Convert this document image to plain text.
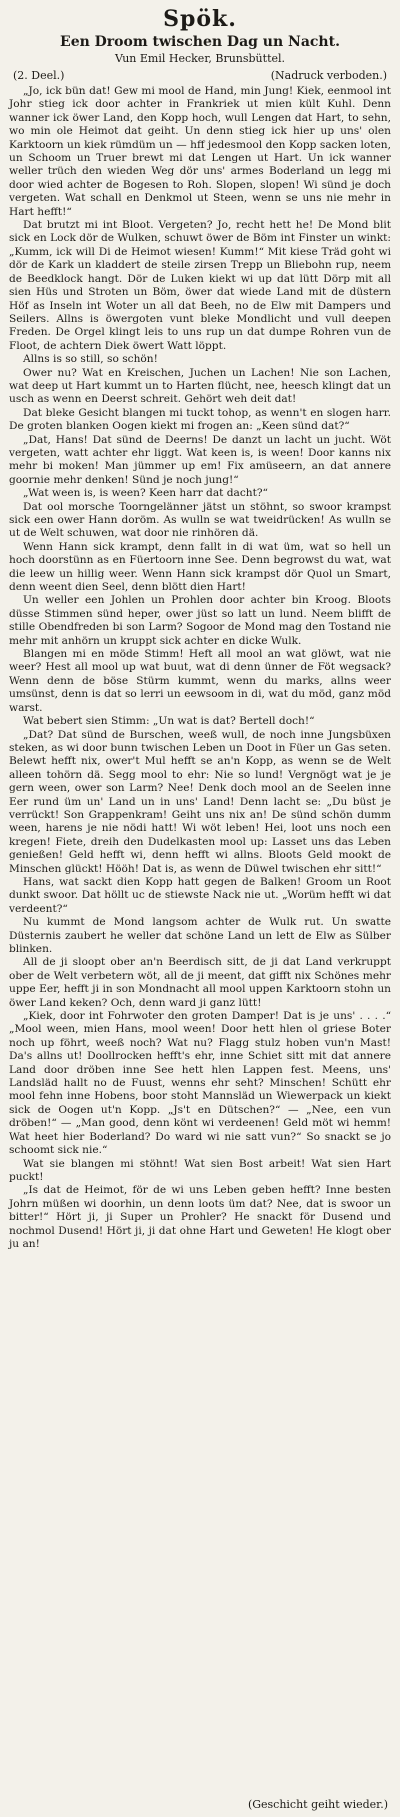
Spök.
Een Droom twischen Dag un Nacht.
Vun Emil Hecker, Brunsbüttel.
(2. Deel.)	(Nadruck verboden.)

„Jo, ick bün dat! Gew mi mool de Hand, min Jung! Kiek, eenmool int Johr stieg ick door achter in Frankriek ut mien kült Kuhl. Denn wanner ick öwer Land, den Kopp hoch, wull Lengen dat Hart, to sehn, wo min ole Heimot dat geiht. Un denn stieg ick hier up uns' olen Karktoorn un kiek rümdüm un — hff jedesmool den Kopp sacken loten, un Schoom un Truer brewt mi dat Lengen ut Hart. Un ick wanner weller trüch den wieden Weg dör uns' armes Boderland un legg mi door wied achter de Bogesen to Roh. Slopen, slopen! Wi sünd je doch vergeten. Wat schall en Denkmol ut Steen, wenn se uns nie mehr in Hart hefft!“

Dat brutzt mi int Bloot. Vergeten? Jo, recht hett he! De Mond blit sick en Lock dör de Wulken, schuwt öwer de Böm int Finster un winkt: „Kumm, ick will Di de Heimot wiesen! Kumm!“ Mit kiese Träd goht wi dör de Kark un kladdert de steile zirsen Trepp un Bliebohn rup, neem de Beedklock hangt. Dör de Luken kiekt wi up dat lütt Dörp mit all sien Hüs und Stroten un Böm, öwer dat wiede Land mit de düstern Höf as Inseln int Woter un all dat Beeh, no de Elw mit Dampers und Seilers. Allns is öwergoten vunt bleke Mondlicht und vull deepen Freden. De Orgel klingt leis to uns rup un dat dumpe Rohren vun de Floot, de achtern Diek öwert Watt löppt.

Allns is so still, so schön!

Ower nu? Wat en Kreischen, Juchen un Lachen! Nie son Lachen, wat deep ut Hart kummt un to Harten flücht, nee, heesch klingt dat un usch as wenn en Deerst schreit. Gehört weh deit dat!

Dat bleke Gesicht blangen mi tuckt tohop, as wenn't en slogen harr. De groten blanken Oogen kiekt mi frogen an: „Keen sünd dat?“

„Dat, Hans! Dat sünd de Deerns! De danzt un lacht un jucht. Wöt vergeten, watt achter ehr liggt. Wat keen is, is ween! Door kanns nix mehr bi moken! Man jümmer up em! Fix amüseern, an dat annere goornie mehr denken! Sünd je noch jung!“

„Wat ween is, is ween? Keen harr dat dacht?“

Dat ool morsche Toorngelänner jätst un stöhnt, so swoor krampst sick een ower Hann doröm. As wulln se wat tweidrücken! As wulln se ut de Welt schuwen, wat door nie rinhören dä.

Wenn Hann sick krampt, denn fallt in di wat üm, wat so hell un hoch doorstünn as en Füertoorn inne See. Denn begrowst du wat, wat die leew un hillig weer. Wenn Hann sick krampst dör Quol un Smart, denn weent dien Seel, denn blött dien Hart!

Un weller een Johlen un Prohlen door achter bin Kroog. Bloots düsse Stimmen sünd heper, ower jüst so latt un lund. Neem blifft de stille Obendfreden bi son Larm? Sogoor de Mond mag den Tostand nie mehr mit anhörn un kruppt sick achter en dicke Wulk.

Blangen mi en möde Stimm! Heft all mool an wat glöwt, wat nie weer? Hest all mool up wat buut, wat di denn ünner de Föt wegsack? Wenn denn de böse Stürm kummt, wenn du marks, allns weer umsünst, denn is dat so lerri un eewsoom in di, wat du möd, ganz möd warst.

Wat bebert sien Stimm: „Un wat is dat? Bertell doch!“

„Dat? Dat sünd de Burschen, weeß wull, de noch inne Jungsbüxen steken, as wi door bunn twischen Leben un Doot in Füer un Gas seten. Belewt hefft nix, ower't Mul hefft se an'n Kopp, as wenn se de Welt alleen tohörn dä. Segg mool to ehr: Nie so lund! Vergnögt wat je je gern ween, ower son Larm? Nee! Denk doch mool an de Seelen inne Eer rund üm un' Land un in uns' Land! Denn lacht se: „Du büst je verrückt! Son Grappenkram! Geiht uns nix an! De sünd schön dumm ween, harens je nie nödi hatt! Wi wöt leben! Hei, loot uns noch een kregen! Fiete, dreih den Dudelkasten mool up: Lasset uns das Leben genießen! Geld hefft wi, denn hefft wi allns. Bloots Geld mookt de Minschen glückt! Hööh! Dat is, as wenn de Düwel twischen ehr sitt!“

Hans, wat sackt dien Kopp hatt gegen de Balken! Groom un Root dunkt swoor. Dat höllt uc de stiewste Nack nie ut. „Worüm hefft wi dat verdeent?“

Nu kummt de Mond langsom achter de Wulk rut. Un swatte Düsternis zaubert he weller dat schöne Land un lett de Elw as Sülber blinken.

All de ji sloopt ober an'n Beerdisch sitt, de ji dat Land verkruppt ober de Welt verbetern wöt, all de ji meent, dat gifft nix Schönes mehr uppe Eer, hefft ji in son Mondnacht all mool uppen Karktoorn stohn un öwer Land keken? Och, denn ward ji ganz lütt!

„Kiek, door int Fohrwoter den groten Damper! Dat is je uns' . . . .“ „Mool ween, mien Hans, mool ween! Door hett hlen ol griese Boter noch up föhrt, weeß noch? Wat nu? Flagg stulz hoben vun'n Mast! Da's allns ut! Doollrocken hefft's ehr, inne Schiet sitt mit dat annere Land door dröben inne See hett hlen Lappen fest. Meens, uns' Landsläd hallt no de Fuust, wenns ehr seht? Minschen! Schütt ehr mool fehn inne Hobens, boor stoht Mannsläd un Wiewerpack un kiekt sick de Oogen ut'n Kopp. „Js't en Dütschen?“ — „Nee, een vun dröben!“ — „Man good, denn könt wi verdeenen! Geld möt wi hemm! Wat heet hier Boderland? Do ward wi nie satt vun?“ So snackt se jo schoomt sick nie.“

Wat sie blangen mi stöhnt! Wat sien Bost arbeit! Wat sien Hart puckt!

„Is dat de Heimot, för de wi uns Leben geben hefft? Inne besten Johrn müßen wi doorhin, un denn loots üm dat? Nee, dat is swoor un bitter!“ Hört ji, ji Super un Prohler? He snackt för Dusend und nochmol Dusend! Hört ji, ji dat ohne Hart und Geweten! He klogt ober ju an!

(Geschicht geiht wieder.)
